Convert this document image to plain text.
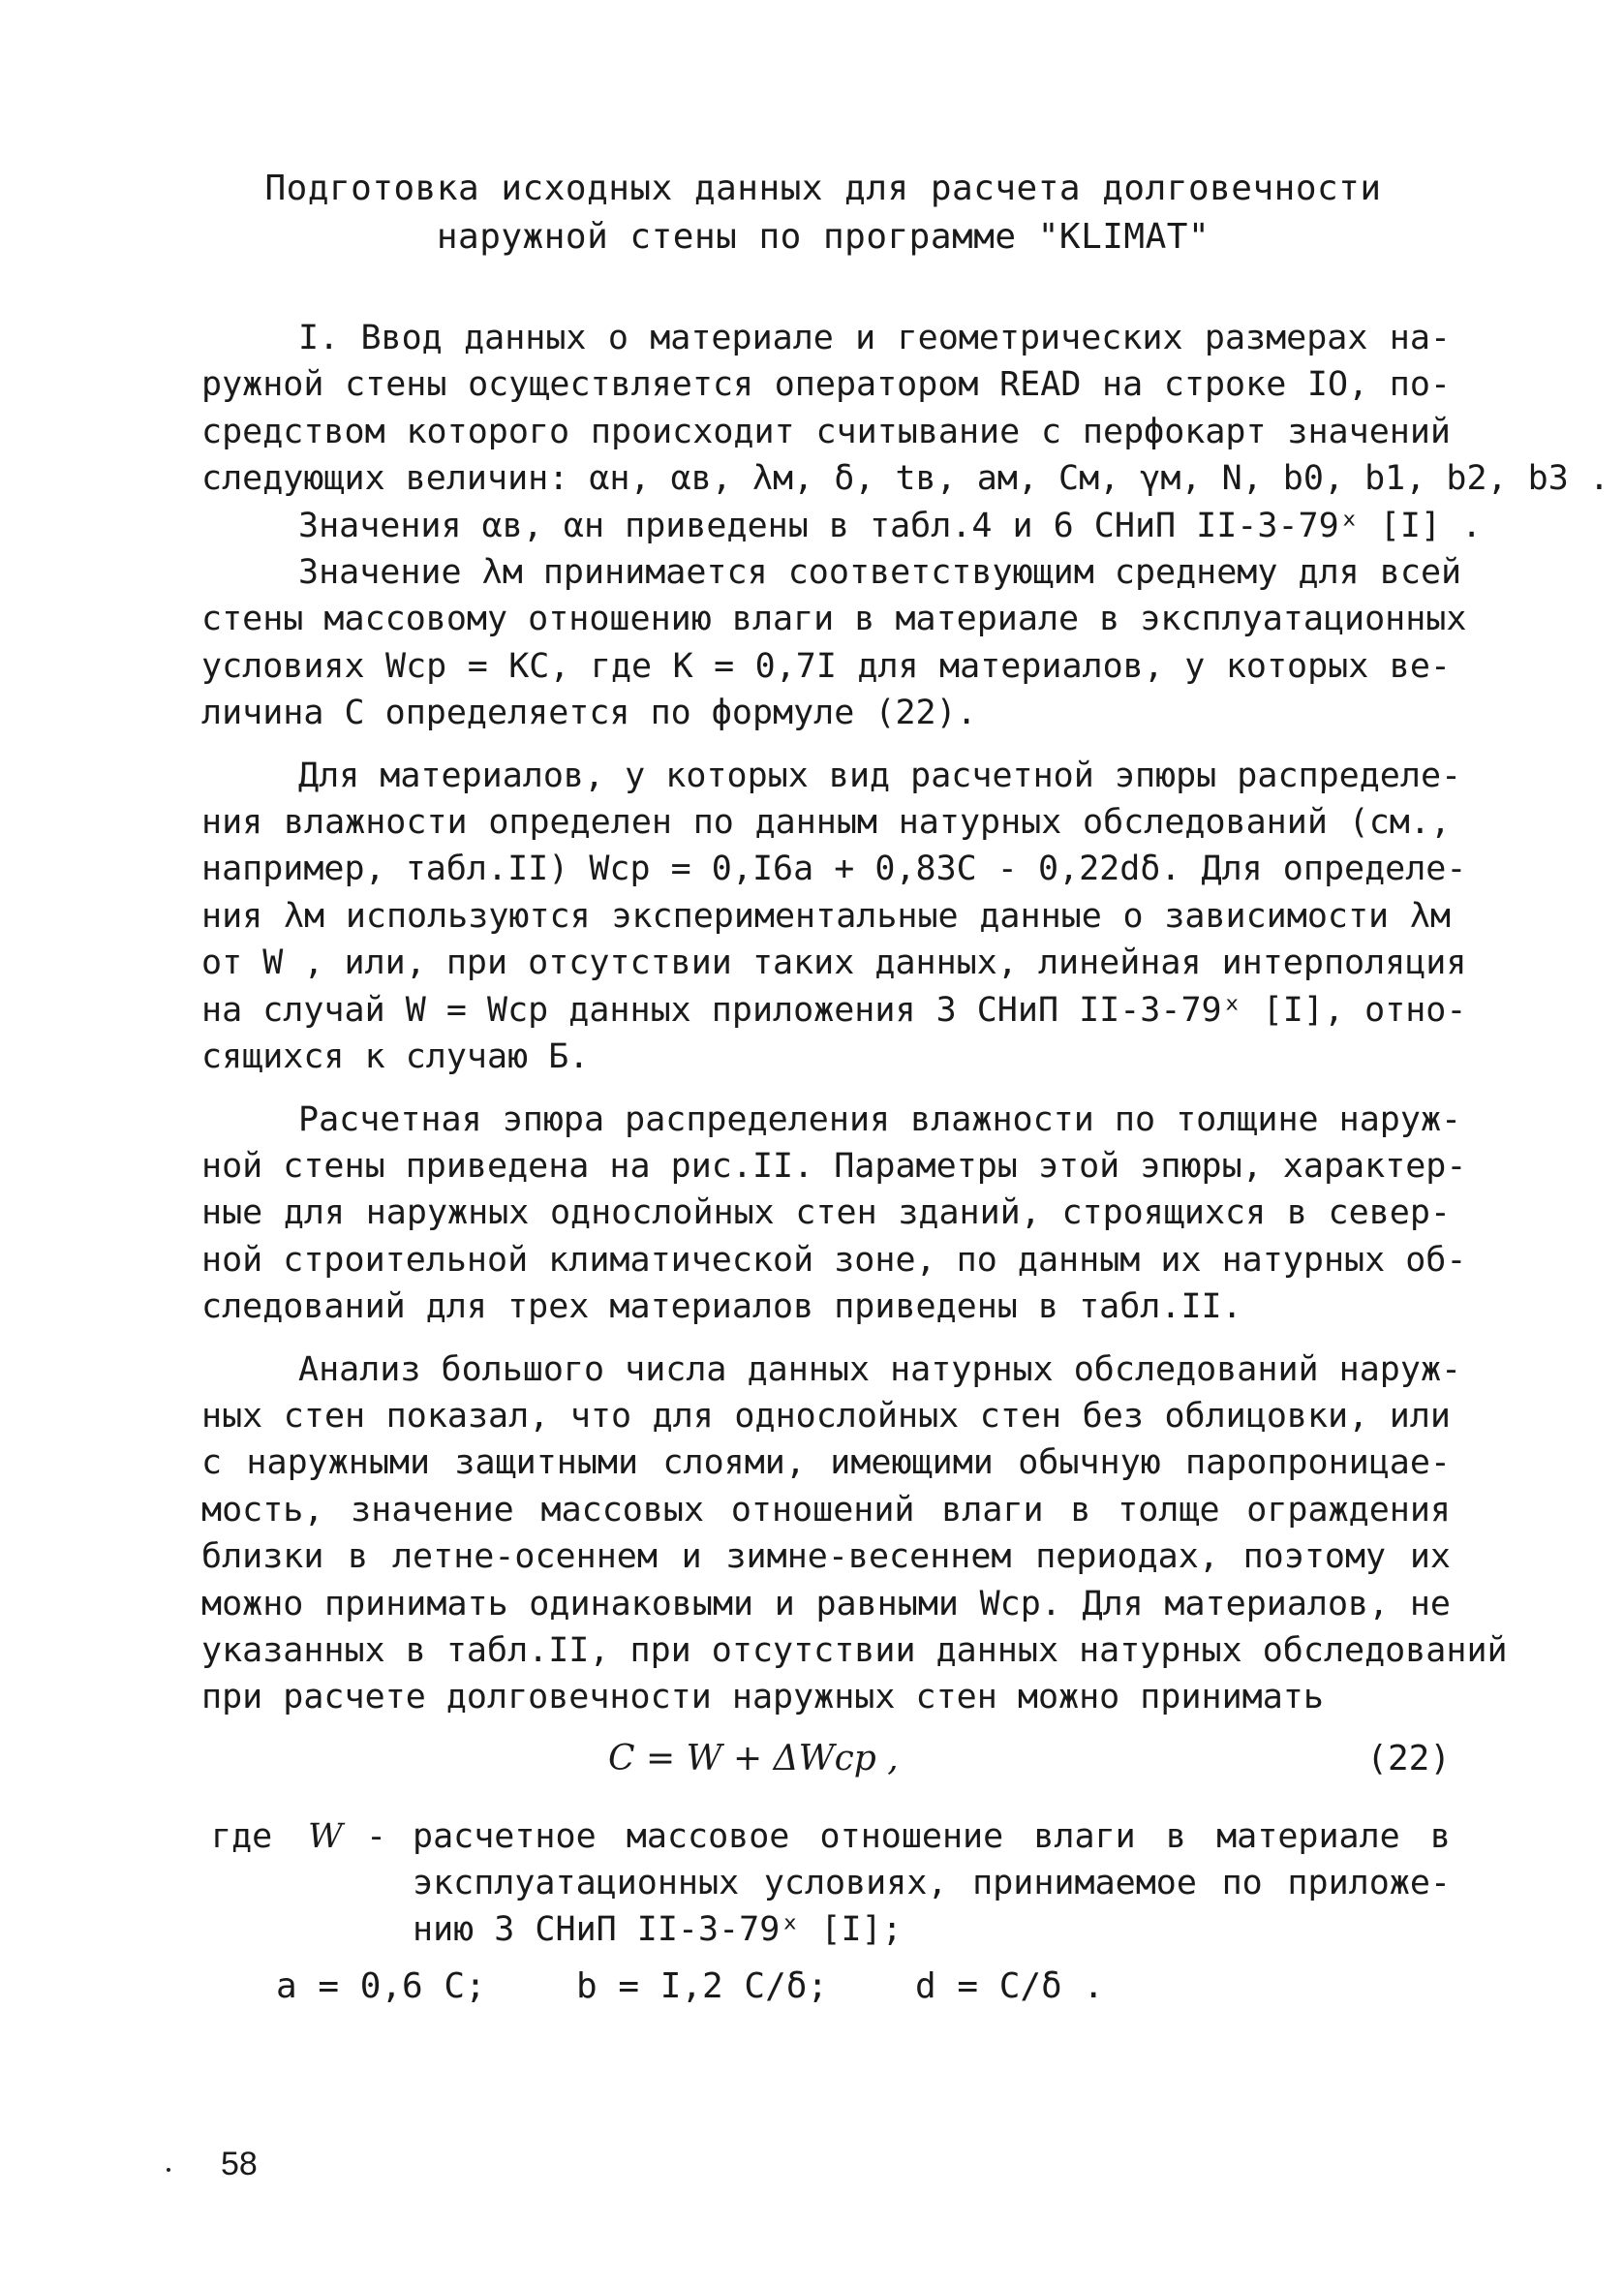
Подготовка исходных данных для расчета долговечности
наружной стены по программе "KLIMAT"
I. Ввод данных о материале и геометрических размерах на-
ружной стены осуществляется оператором READ на строке IO, по-
средством которого происходит считывание с перфокарт значений
следующих величин: αн, αв, λм, δ, tв, aм, См, γм, N, b0, b1, b2, b3 .
Значения αв, αн приведены в табл.4 и 6 СНиП II-3-79ˣ [I] .
Значение λм принимается соответствующим среднему для всей
стены массовому отношению влаги в материале в эксплуатационных
условиях Wср = КС, где К = 0,7I для материалов, у которых ве-
личина С определяется по формуле (22).
Для материалов, у которых вид расчетной эпюры распределе-
ния влажности определен по данным натурных обследований (см.,
например, табл.II) Wср = 0,I6a + 0,83C - 0,22dδ. Для определе-
ния λм используются экспериментальные данные о зависимости λм
от W , или, при отсутствии таких данных, линейная интерполяция
на случай W = Wср данных приложения 3 СНиП II-3-79ˣ [I], отно-
сящихся к случаю Б.
Расчетная эпюра распределения влажности по толщине наруж-
ной стены приведена на рис.II. Параметры этой эпюры, характер-
ные для наружных однослойных стен зданий, строящихся в север-
ной строительной климатической зоне, по данным их натурных об-
следований для трех материалов приведены в табл.II.
Анализ большого числа данных натурных обследований наруж-
ных стен показал, что для однослойных стен без облицовки, или
с наружными защитными слоями, имеющими обычную паропроницае-
мость, значение массовых отношений влаги в толще ограждения
близки в летне-осеннем и зимне-весеннем периодах, поэтому их
можно принимать одинаковыми и равными Wср. Для материалов, не
указанных в табл.II, при отсутствии данных натурных обследований
при расчете долговечности наружных стен можно принимать
C = W + ΔWср ,	(22)
где W - расчетное массовое отношение влаги в материале в
эксплуатационных условиях, принимаемое по приложе-
нию 3 СНиП II-3-79ˣ [I];
a = 0,6 C;	b = I,2 C/δ; d = C/δ .
58
